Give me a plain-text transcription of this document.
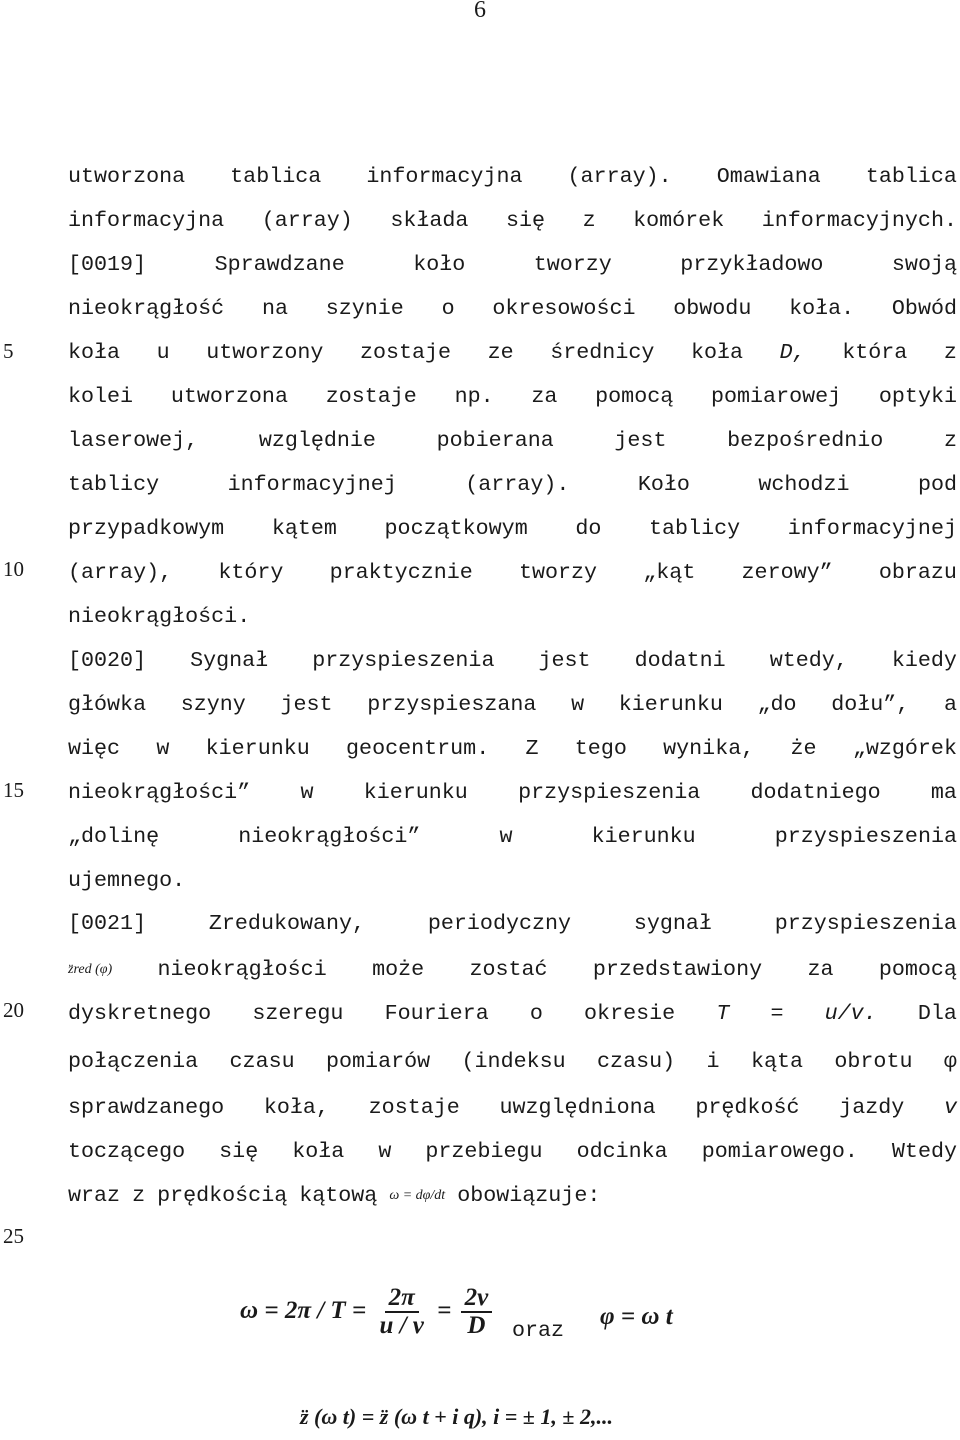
6
5
10
15
20
25
utworzona tablica informacyjna (array). Omawiana tablica
informacyjna (array) składa się z komórek informacyjnych.
[0019]	Sprawdzane	koło	tworzy	przykładowo	swoją
nieokrągłość na szynie o okresowości obwodu koła. Obwód
koła u utworzony zostaje ze średnicy koła D, która z
kolei utworzona zostaje np. za pomocą pomiarowej optyki
laserowej,	względnie	pobierana	jest	bezpośrednio	z
tablicy	informacyjnej	(array).	Koło	wchodzi	pod
przypadkowym kątem początkowym do tablicy informacyjnej
(array), który praktycznie tworzy „kąt zerowy” obrazu
nieokrągłości.
[0020] Sygnał przyspieszenia jest dodatni wtedy, kiedy
główka szyny jest przyspieszana w kierunku „do dołu”, a
więc w kierunku geocentrum. Z tego wynika, że „wzgórek
nieokrągłości” w kierunku przyspieszenia dodatniego ma
„dolinę	nieokrągłości”	w	kierunku	przyspieszenia
ujemnego.
[0021]	Zredukowany,	periodyczny	sygnał	przyspieszenia
z̈red (φ) nieokrągłości może zostać przedstawiony za pomocą
dyskretnego szeregu Fouriera o okresie T = u/v. Dla
połączenia czasu pomiarów (indeksu czasu) i kąta obrotu φ
sprawdzanego koła, zostaje uwzględniona prędkość jazdy v
toczącego się koła w przebiegu odcinka pomiarowego. Wtedy
wraz z prędkością kątową ω = dφ/dt obowiązuje:
$\omega = 2\pi / T = \frac{2\pi}{u / v} = \frac{2v}{D}$ oraz
φ = ω t
z̈ (ω t) = z̈ (ω t + i q), i = ± 1, ± 2,...
